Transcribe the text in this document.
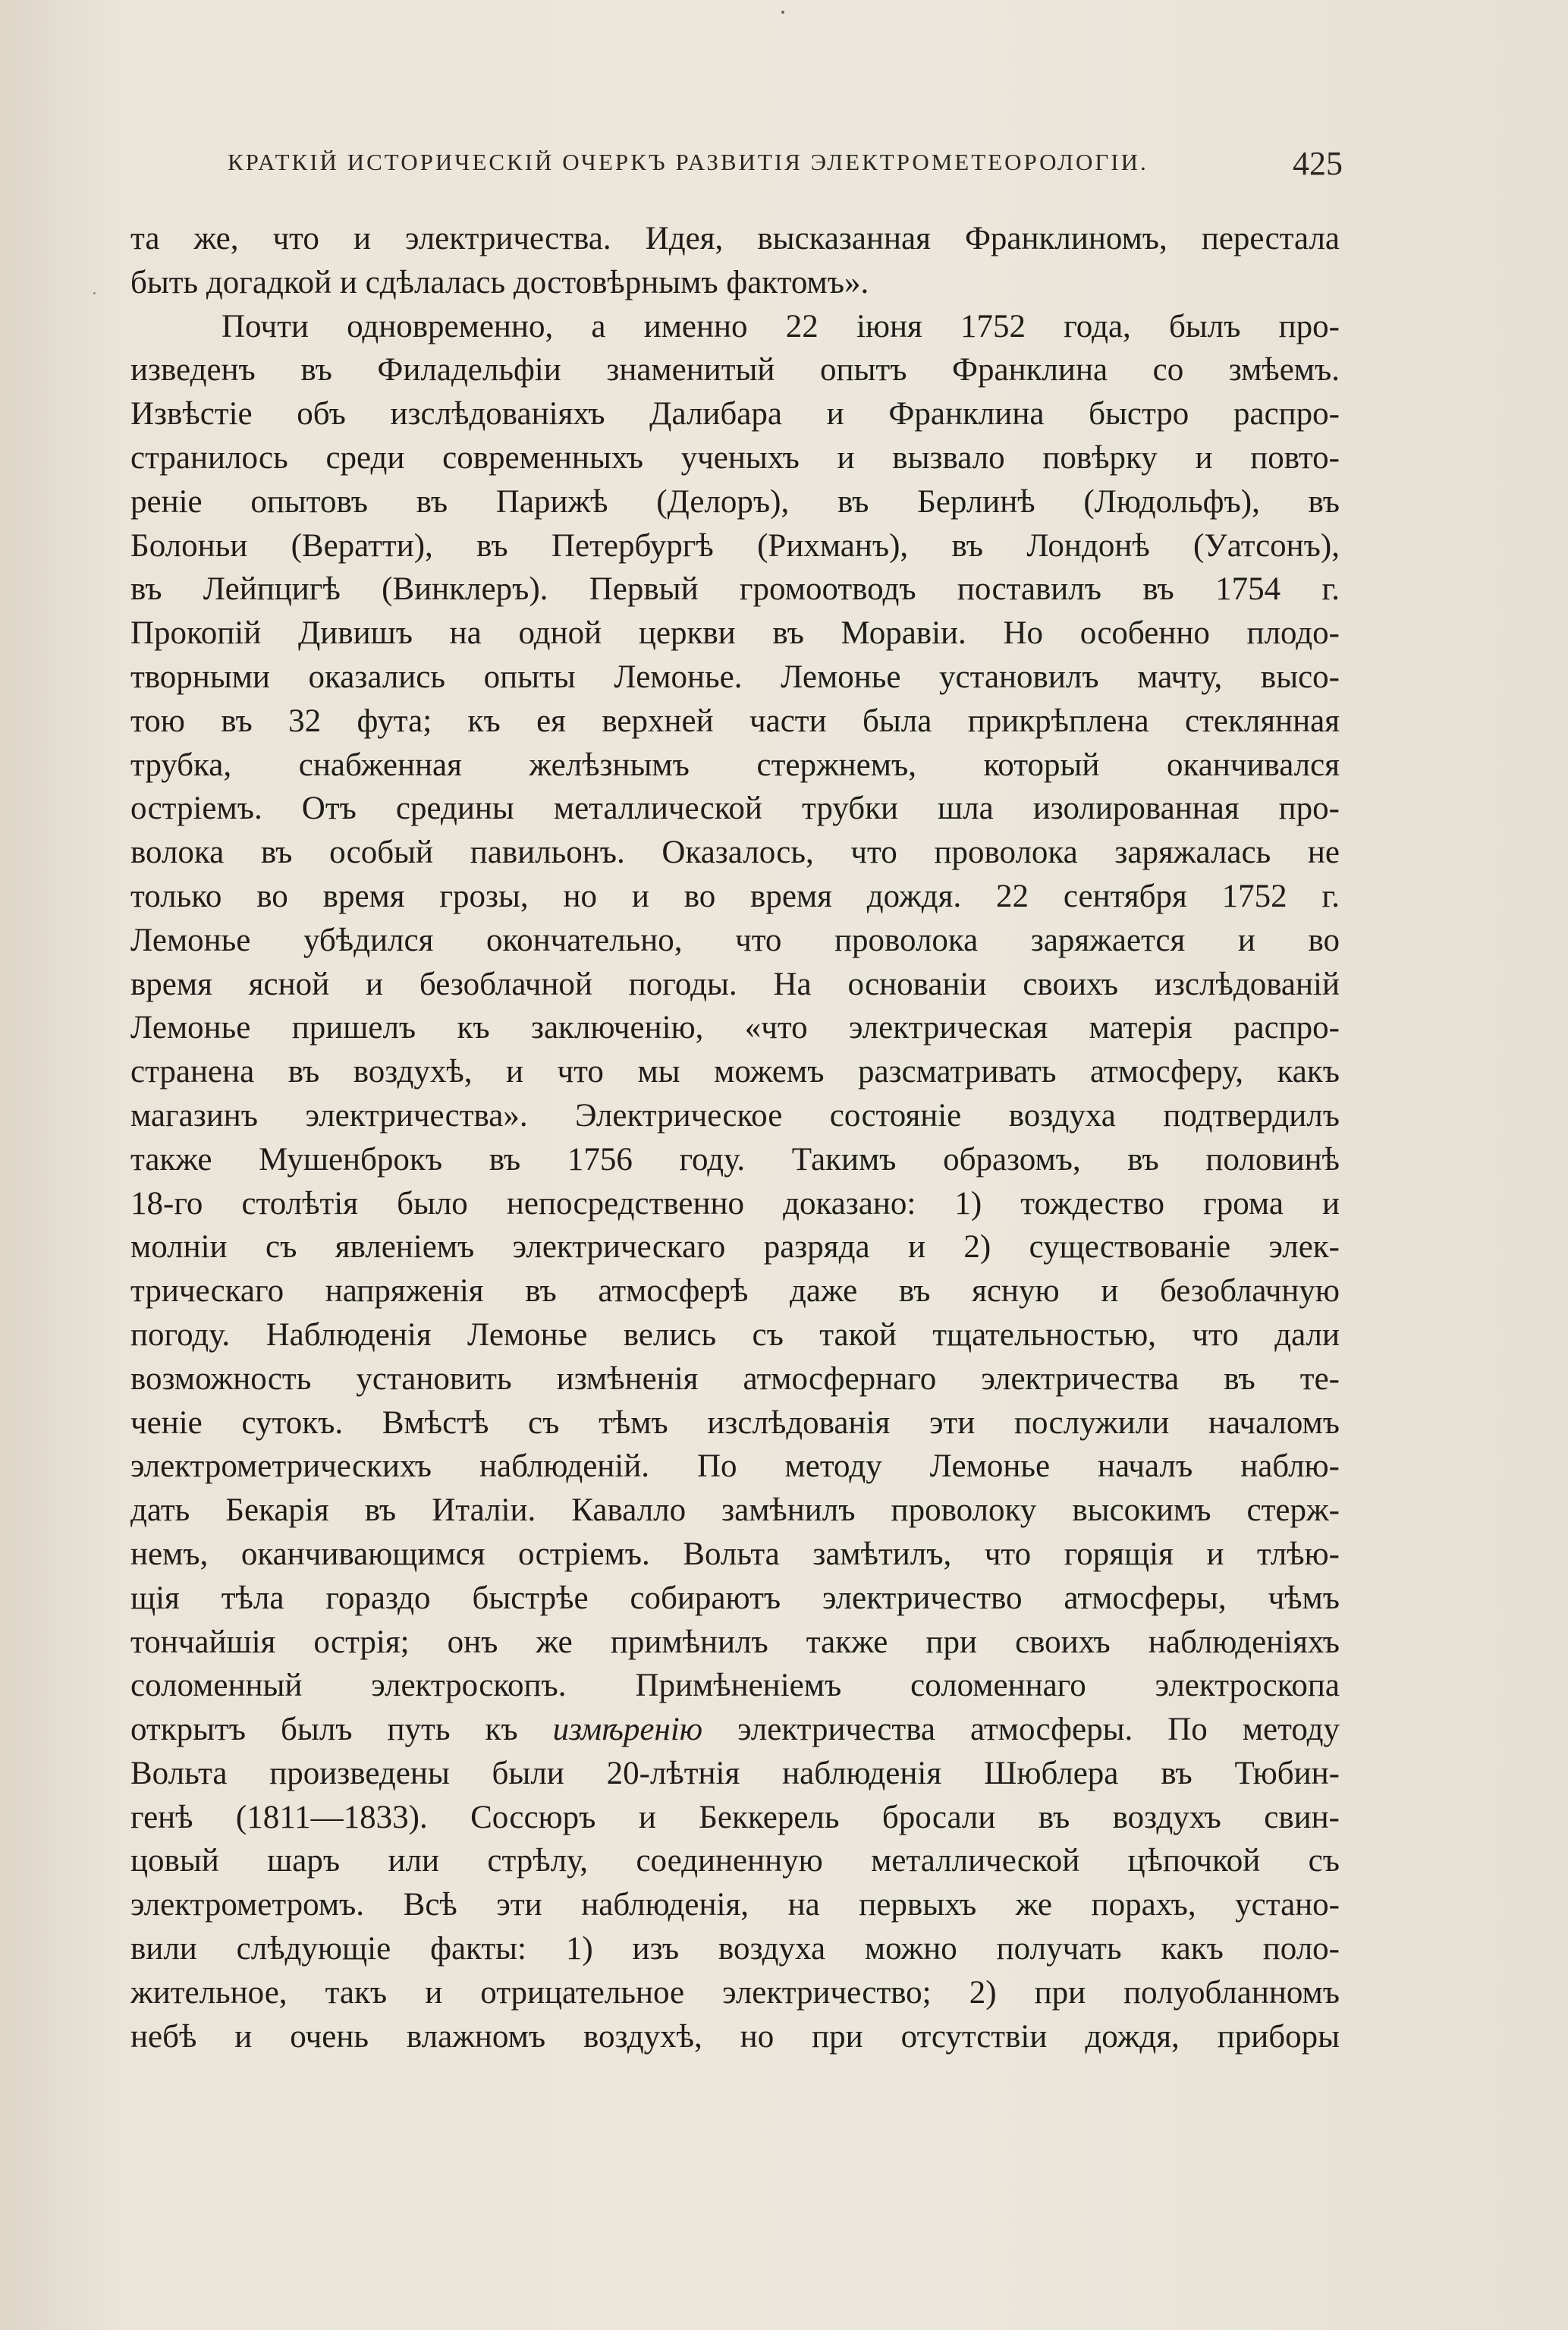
КРАТКІЙ ИСТОРИЧЕСКІЙ ОЧЕРКЪ РАЗВИТІЯ ЭЛЕКТРОМЕТЕОРОЛОГІИ.	425
та же, что и электричества. Идея, высказанная Франклиномъ, перестала
быть догадкой и сдѣлалась достовѣрнымъ фактомъ».
Почти одновременно, а именно 22 іюня 1752 года, былъ про-
изведенъ въ Филадельфіи знаменитый опытъ Франклина со змѣемъ.
Извѣстіе объ изслѣдованіяхъ Далибара и Франклина быстро распро-
странилось среди современныхъ ученыхъ и вызвало повѣрку и повто-
реніе опытовъ въ Парижѣ (Делоръ), въ Берлинѣ (Людольфъ), въ
Болоньи (Beратти), въ Петербургѣ (Рихманъ), въ Лондонѣ (Уатсонъ),
въ Лейпцигѣ (Винклеръ). Первый громоотводъ поставилъ въ 1754 г.
Прокопій Дивишъ на одной церкви въ Моравіи. Но особенно плодо-
творными оказались опыты Лемонье. Лемонье установилъ мачту, высо-
тою въ 32 фута; къ ея верхней части была прикрѣплена стеклянная
трубка, снабженная желѣзнымъ стержнемъ, который оканчивался
остріемъ. Отъ средины металлической трубки шла изолированная про-
волока въ особый павильонъ. Оказалось, что проволока заряжалась не
только во время грозы, но и во время дождя. 22 сентября 1752 г.
Лемонье убѣдился окончательно, что проволока заряжается и во
время ясной и безоблачной погоды. На основаніи своихъ изслѣдованій
Лемонье пришелъ къ заключенію, «что электрическая матерія распро-
странена въ воздухѣ, и что мы можемъ разсматривать атмосферу, какъ
магазинъ электричества». Электрическое состояніе воздуха подтвердилъ
также Мушенброкъ въ 1756 году. Такимъ образомъ, въ половинѣ
18-го столѣтія было непосредственно доказано: 1) тождество грома и
молніи съ явленіемъ электрическаго разряда и 2) существованіе элек-
трическаго напряженія въ атмосферѣ даже въ ясную и безоблачную
погоду. Наблюденія Лемонье велись съ такой тщательностью, что дали
возможность установить измѣненія атмосфернаго электричества въ те-
ченіе сутокъ. Вмѣстѣ съ тѣмъ изслѣдованія эти послужили началомъ
электрометрическихъ наблюденій. По методу Лемонье началъ наблю-
дать Бекарія въ Италіи. Кавалло замѣнилъ проволоку высокимъ стерж-
немъ, оканчивающимся остріемъ. Вольта замѣтилъ, что горящія и тлѣю-
щія тѣла гораздо быстрѣе собираютъ электричество атмосферы, чѣмъ
тончайшія острія; онъ же примѣнилъ также при своихъ наблюденіяхъ
соломенный электроскопъ. Примѣненіемъ соломеннаго электроскопа
открытъ былъ путь къ измѣренію электричества атмосферы. По методу
Вольта произведены были 20-лѣтнія наблюденія Шюблера въ Тюбин-
генѣ (1811—1833). Соссюръ и Беккерель бросали въ воздухъ свин-
цовый шаръ или стрѣлу, соединенную металлической цѣпочкой съ
электрометромъ. Всѣ эти наблюденія, на первыхъ же порахъ, устано-
вили слѣдующіе факты: 1) изъ воздуха можно получать какъ поло-
жительное, такъ и отрицательное электричество; 2) при полуобланномъ
небѣ и очень влажномъ воздухѣ, но при отсутствіи дождя, приборы
